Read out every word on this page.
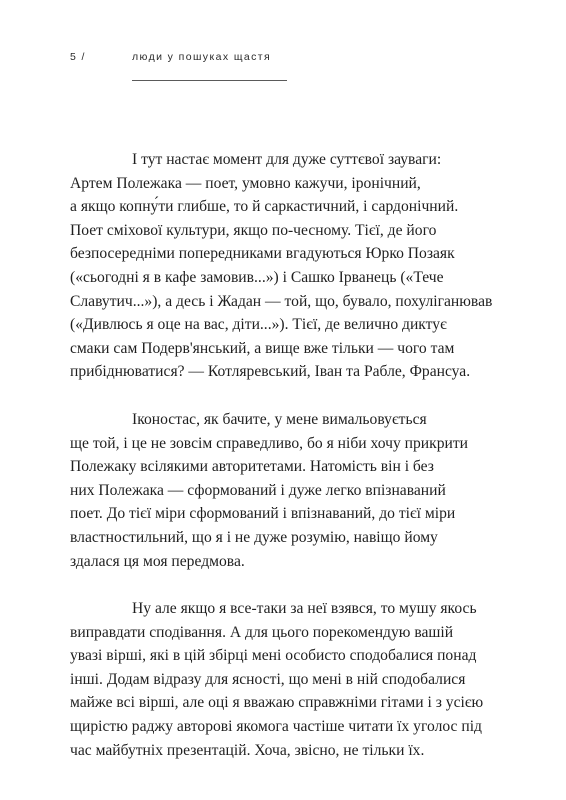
5 /	люди у пошуках щастя

І тут настає момент для дуже суттєвої зауваги:
Артем Полежака — поет, умовно кажучи, іронічний,
а якщо копну́ти глибше, то й саркастичний, і сардонічний.
Поет сміхової культури, якщо по-чесному. Тієї, де його
безпосередніми попередниками вгадуються Юрко Позаяк
(«сьогодні я в кафе замовив...») і Сашко Ірванець («Тече
Славутич...»), а десь і Жадан — той, що, бувало, похуліганював
(«Дивлюсь я оце на вас, діти...»). Тієї, де величнo диктує
смаки сам Подерв'янський, а вище вже тільки — чого там
прибіднюватися? — Котляревський, Іван та Рабле, Франсуа.

Іконостас, як бачите, у мене вимальовується
ще той, і це не зовсім справедливо, бо я ніби хочу прикрити
Полежаку всілякими авторитетами. Натомість він і без
них Полежака — сформований і дуже легко впізнаваний
поет. До тієї міри сформований і впізнаваний, до тієї міри
властностильний, що я і не дуже розумію, навіщо йому
здалася ця моя передмова.

Ну але якщо я все-таки за неї взявся, то мушу якось
виправдати сподівання. А для цього порекомендую вашій
увазі вірші, які в цій збірці мені особисто сподобалися понад
інші. Додам відразу для ясності, що мені в ній сподобалися
майже всі вірші, але оці я вважаю справжніми гітами і з усією
щирістю раджу авторові якомога частіше читати їх уголос під
час майбутніх презентацій. Хоча, звісно, не тільки їх.
